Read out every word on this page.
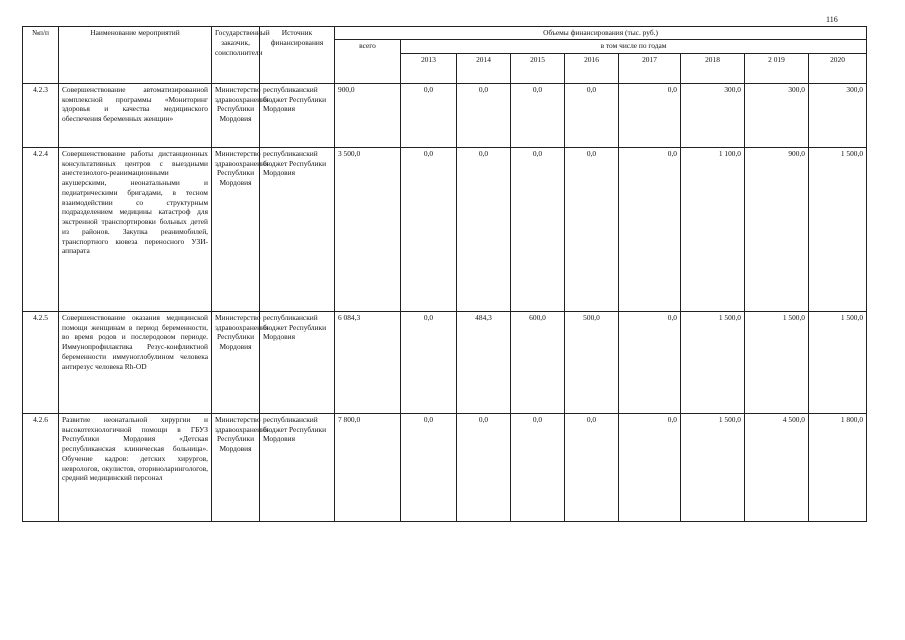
116
№п/п	Наименование мероприятий	Государственный заказчик, соисполнители	Источник финансирования	Объемы финансирования (тыс. руб.)								
				всего	в том числе по годам							
					2013	2014	2015	2016	2017	2018	2 019	2020
4.2.3	Совершенствование автоматизированной комплексной программы «Мониторинг здоровья и качества медицинского обеспечения беременных женщин»	Министерство здравоохранения Республики Мордовия	республиканский бюджет Республики Мордовия	900,0	0,0	0,0	0,0	0,0	0,0	300,0	300,0	300,0
4.2.4	Совершенствование работы дистанционных консультативных центров с выездными анестезиолого-реанимационными акушерскими, неонатальными и педиатрическими бригадами, в тесном взаимодействии со структурным подразделением медицины катастроф для экстренной транспортировки больных детей из районов. Закупка реанимобилей, транспортного кювеза переносного УЗИ-аппарата	Министерство здравоохранения Республики Мордовия	республиканский бюджет Республики Мордовия	3 500,0	0,0	0,0	0,0	0,0	0,0	1 100,0	900,0	1 500,0
4.2.5	Совершенствование оказания медицинской помощи женщинам в период беременности, во время родов и послеродовом периоде. Иммунопрофилактика Резус-конфликтной беременности иммуноглобулином человека антирезус человека Rh-OD	Министерство здравоохранения Республики Мордовия	республиканский бюджет Республики Мордовия	6 084,3	0,0	484,3	600,0	500,0	0,0	1 500,0	1 500,0	1 500,0
4.2.6	Развитие неонатальной хирургии и высокотехнологичной помощи в ГБУЗ Республики Мордовия «Детская республиканская клиническая больница». Обучение кадров: детских хирургов, неврологов, окулистов, оториноларингологов, средний медицинский персонал	Министерство здравоохранения Республики Мордовия	республиканский бюджет Республики Мордовия	7 800,0	0,0	0,0	0,0	0,0	0,0	1 500,0	4 500,0	1 800,0
